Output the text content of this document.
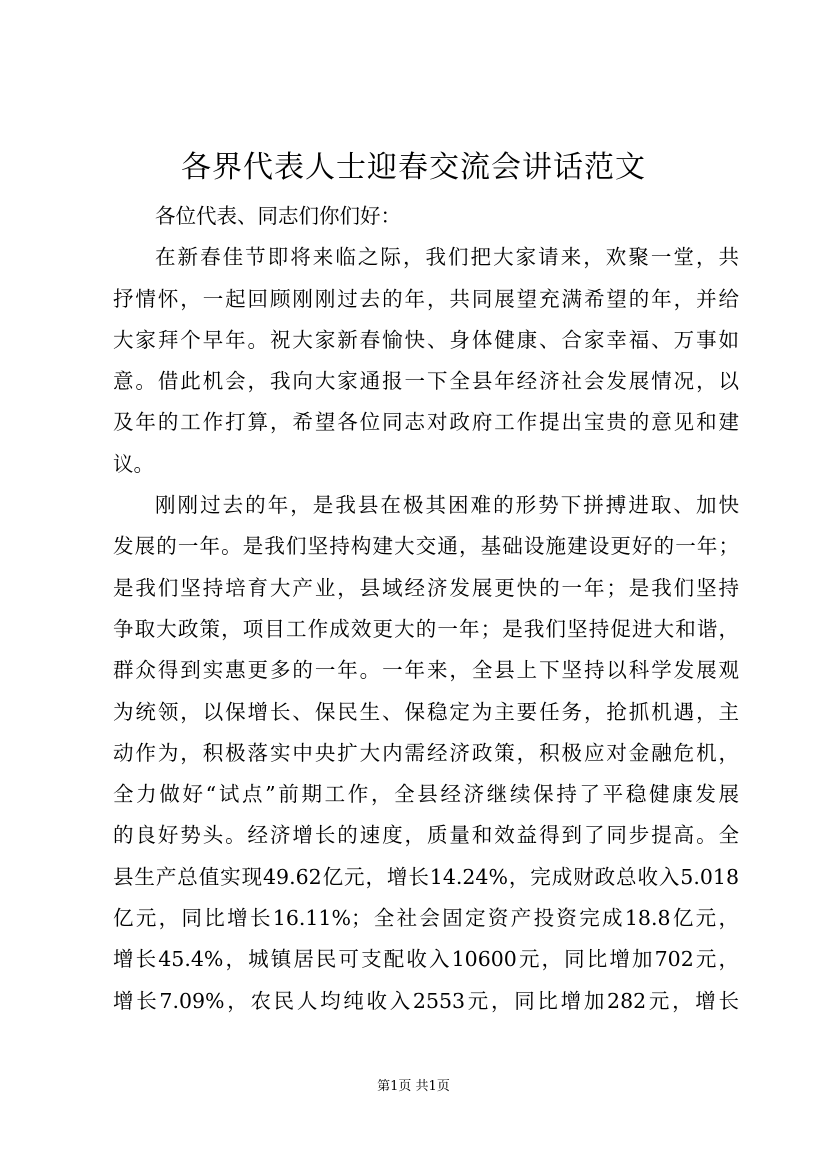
各界代表人士迎春交流会讲话范文
各位代表、同志们你们好：
在新春佳节即将来临之际，我们把大家请来，欢聚一堂，共
抒情怀，一起回顾刚刚过去的年，共同展望充满希望的年，并给
大家拜个早年。祝大家新春愉快、身体健康、合家幸福、万事如
意。借此机会，我向大家通报一下全县年经济社会发展情况，以
及年的工作打算，希望各位同志对政府工作提出宝贵的意见和建
议。
刚刚过去的年，是我县在极其困难的形势下拼搏进取、加快
发展的一年。是我们坚持构建大交通，基础设施建设更好的一年；
是我们坚持培育大产业，县域经济发展更快的一年；是我们坚持
争取大政策，项目工作成效更大的一年；是我们坚持促进大和谐，
群众得到实惠更多的一年。一年来，全县上下坚持以科学发展观
为统领，以保增长、保民生、保稳定为主要任务，抢抓机遇，主
动作为，积极落实中央扩大内需经济政策，积极应对金融危机，
全力做好“试点”前期工作，全县经济继续保持了平稳健康发展
的良好势头。经济增长的速度，质量和效益得到了同步提高。全
县生产总值实现49.62亿元，增长14.24%，完成财政总收入5.018
亿元，同比增长16.11%；全社会固定资产投资完成18.8亿元，
增长45.4%，城镇居民可支配收入10600元，同比增加702元，
增长7.09%，农民人均纯收入2553元，同比增加282元，增长
第1页 共1页
